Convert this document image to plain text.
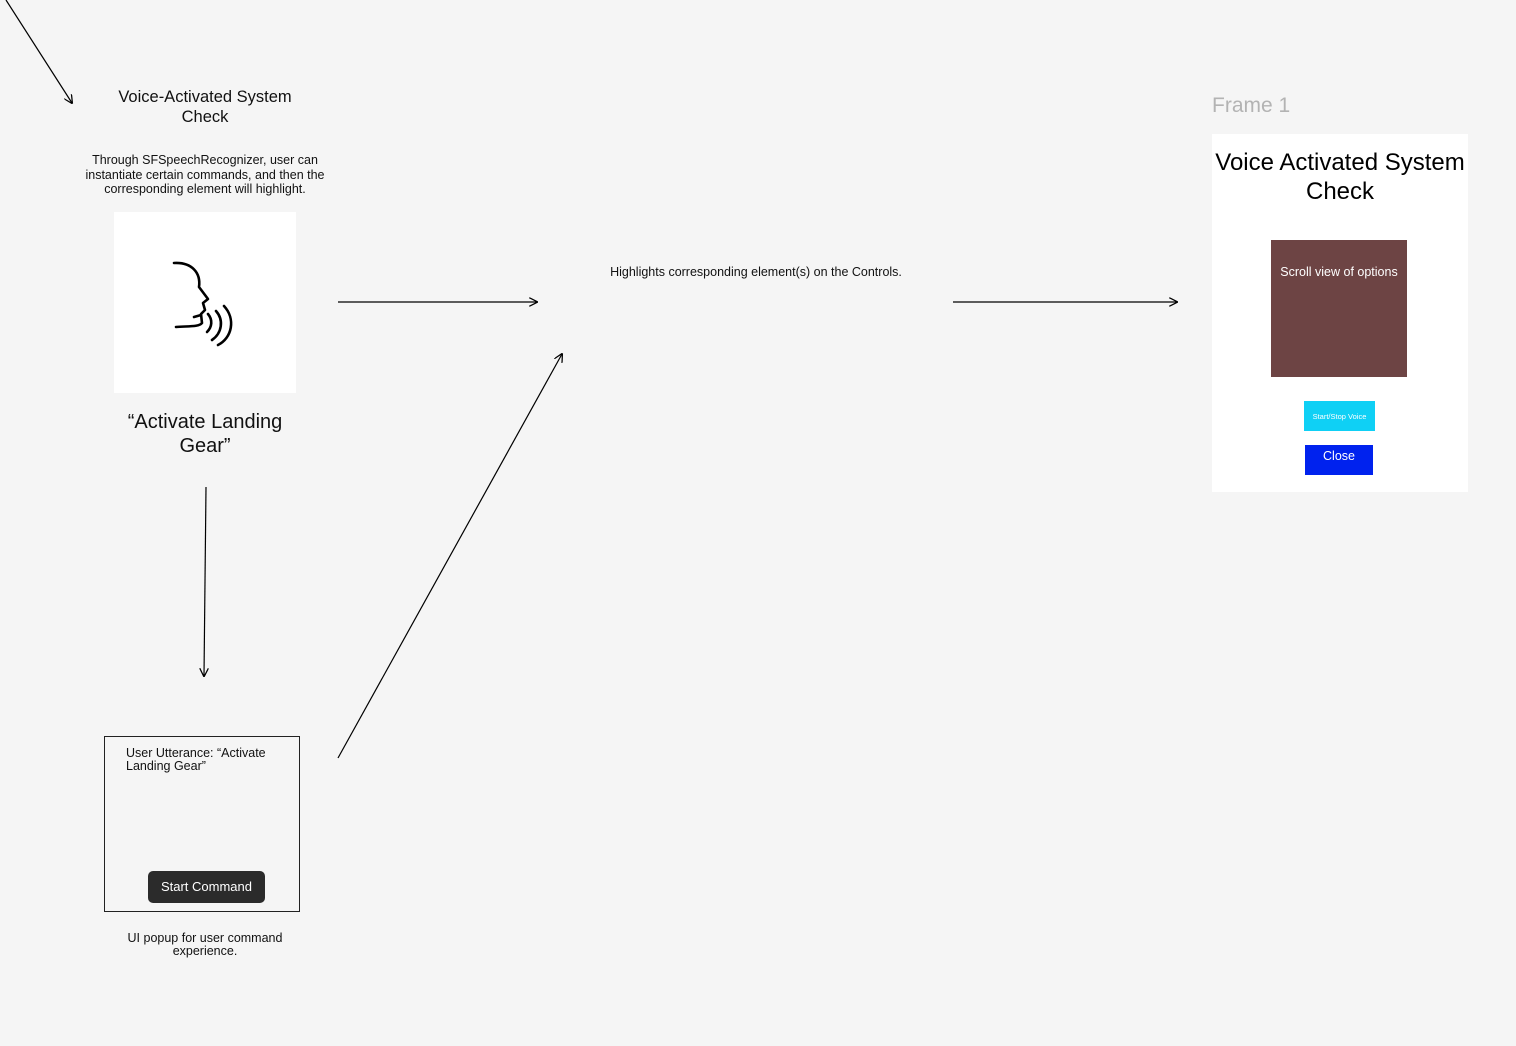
Voice-Activated System Check
Through SFSpeechRecognizer, user can instantiate certain commands, and then the corresponding element will highlight.
“Activate Landing Gear”
User Utterance: “Activate Landing Gear”
Start Command
UI popup for user command experience.
Highlights corresponding element(s) on the Controls.
Frame 1
Voice Activated System Check
Scroll view of options
Start/Stop Voice
Close
